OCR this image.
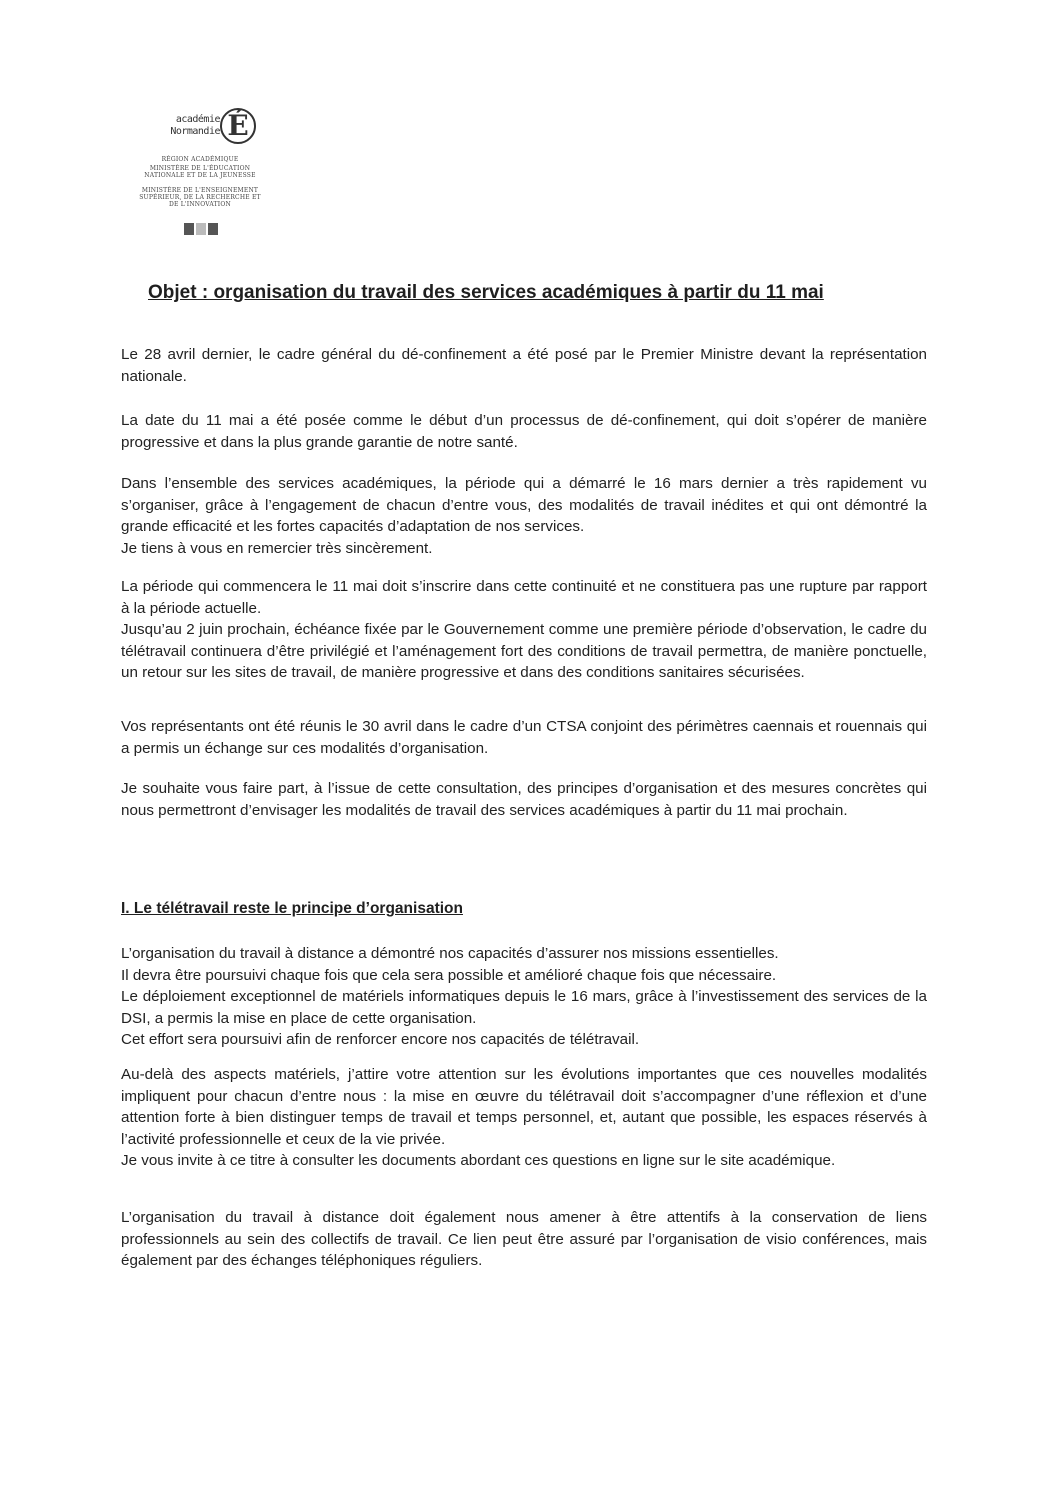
académie
Normandie É
RÉGION ACADÉMIQUE
MINISTÈRE DE L'ÉDUCATION NATIONALE ET DE LA JEUNESSE
MINISTÈRE DE L'ENSEIGNEMENT SUPÉRIEUR, DE LA RECHERCHE ET DE L'INNOVATION
Objet : organisation du travail des services académiques à partir du 11 mai

Le 28 avril dernier, le cadre général du dé-confinement a été posé par le Premier Ministre devant la représentation nationale.

La date du 11 mai a été posée comme le début d’un processus de dé-confinement, qui doit s’opérer de manière progressive et dans la plus grande garantie de notre santé.

Dans l’ensemble des services académiques, la période qui a démarré le 16 mars dernier a très rapidement vu s’organiser, grâce à l’engagement de chacun d’entre vous, des modalités de travail inédites et qui ont démontré la grande efficacité et les fortes capacités d’adaptation de nos services.
Je tiens à vous en remercier très sincèrement.

La période qui commencera le 11 mai doit s’inscrire dans cette continuité et ne constituera pas une rupture par rapport à la période actuelle.
Jusqu’au 2 juin prochain, échéance fixée par le Gouvernement comme une première période d’observation, le cadre du télétravail continuera d’être privilégié et l’aménagement fort des conditions de travail permettra, de manière ponctuelle, un retour sur les sites de travail, de manière progressive et dans des conditions sanitaires sécurisées.

Vos représentants ont été réunis le 30 avril dans le cadre d’un CTSA conjoint des périmètres caennais et rouennais qui a permis un échange sur ces modalités d’organisation.

Je souhaite vous faire part, à l’issue de cette consultation, des principes d’organisation et des mesures concrètes qui nous permettront d’envisager les modalités de travail des services académiques à partir du 11 mai prochain.

I. Le télétravail reste le principe d’organisation

L’organisation du travail à distance a démontré nos capacités d’assurer nos missions essentielles.
Il devra être poursuivi chaque fois que cela sera possible et amélioré chaque fois que nécessaire.
Le déploiement exceptionnel de matériels informatiques depuis le 16 mars, grâce à l’investissement des services de la DSI, a permis la mise en place de cette organisation.
Cet effort sera poursuivi afin de renforcer encore nos capacités de télétravail.

Au-delà des aspects matériels, j’attire votre attention sur les évolutions importantes que ces nouvelles modalités impliquent pour chacun d’entre nous : la mise en œuvre du télétravail doit s’accompagner d’une réflexion et d’une attention forte à bien distinguer temps de travail et temps personnel, et, autant que possible, les espaces réservés à l’activité professionnelle et ceux de la vie privée.
Je vous invite à ce titre à consulter les documents abordant ces questions en ligne sur le site académique.

L’organisation du travail à distance doit également nous amener à être attentifs à la conservation de liens professionnels au sein des collectifs de travail. Ce lien peut être assuré par l’organisation de visio conférences, mais également par des échanges téléphoniques réguliers.
